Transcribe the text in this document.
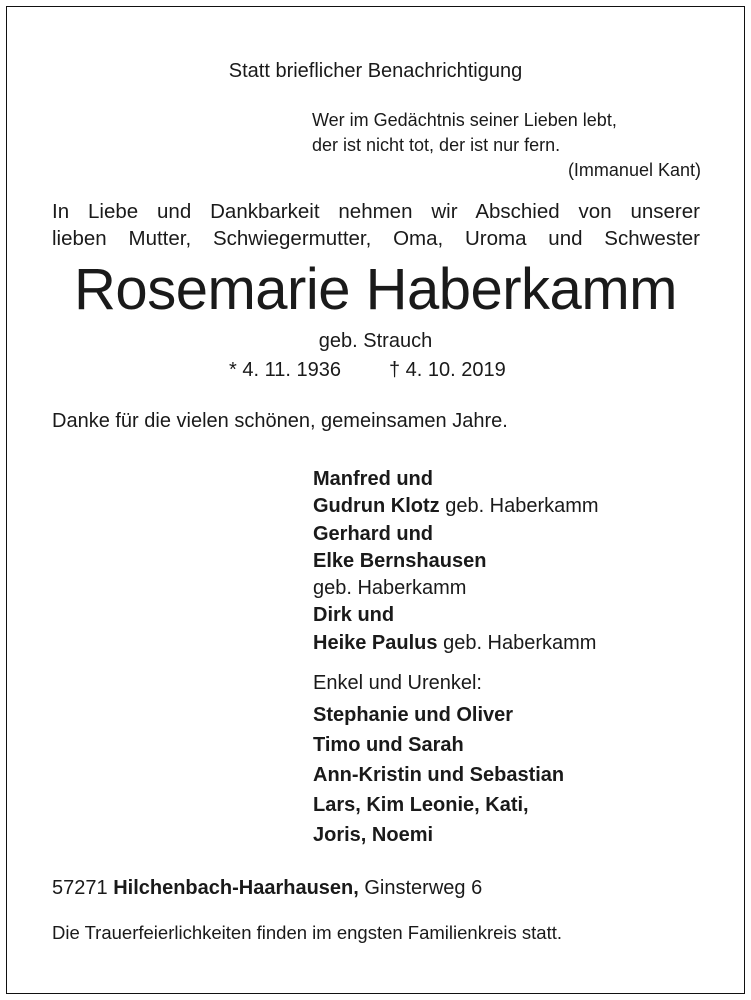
Statt brieflicher Benachrichtigung
Wer im Gedächtnis seiner Lieben lebt,
der ist nicht tot, der ist nur fern.
(Immanuel Kant)
In Liebe und Dankbarkeit nehmen wir Abschied von unserer
lieben Mutter, Schwiegermutter, Oma, Uroma und Schwester
Rosemarie Haberkamm
geb. Strauch
* 4. 11. 1936 † 4. 10. 2019
Danke für die vielen schönen, gemeinsamen Jahre.
Manfred und
Gudrun Klotz geb. Haberkamm
Gerhard und
Elke Bernshausen
geb. Haberkamm
Dirk und
Heike Paulus geb. Haberkamm
Enkel und Urenkel:
Stephanie und Oliver
Timo und Sarah
Ann-Kristin und Sebastian
Lars, Kim Leonie, Kati,
Joris, Noemi
57271 Hilchenbach-Haarhausen, Ginsterweg 6
Die Trauerfeierlichkeiten finden im engsten Familienkreis statt.
